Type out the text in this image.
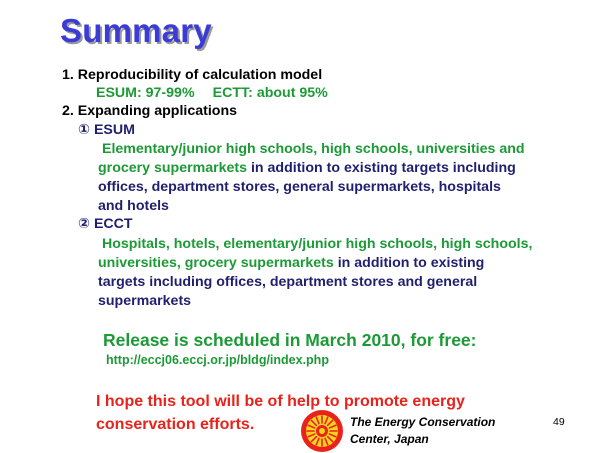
Summary
1. Reproducibility of calculation model
ESUM: 97-99%  ECTT: about 95%
2. Expanding applications
① ESUM
Elementary/junior high schools, high schools, universities and
grocery supermarkets in addition to existing targets including
offices, department stores, general supermarkets, hospitals
and hotels
② ECCT
Hospitals, hotels, elementary/junior high schools, high schools,
universities, grocery supermarkets in addition to existing
targets including offices, department stores and general
supermarkets
Release is scheduled in March 2010, for free:
http://eccj06.eccj.or.jp/bldg/index.php
I hope this tool will be of help to promote energy
conservation efforts.	The Energy Conservation
Center, Japan
49
